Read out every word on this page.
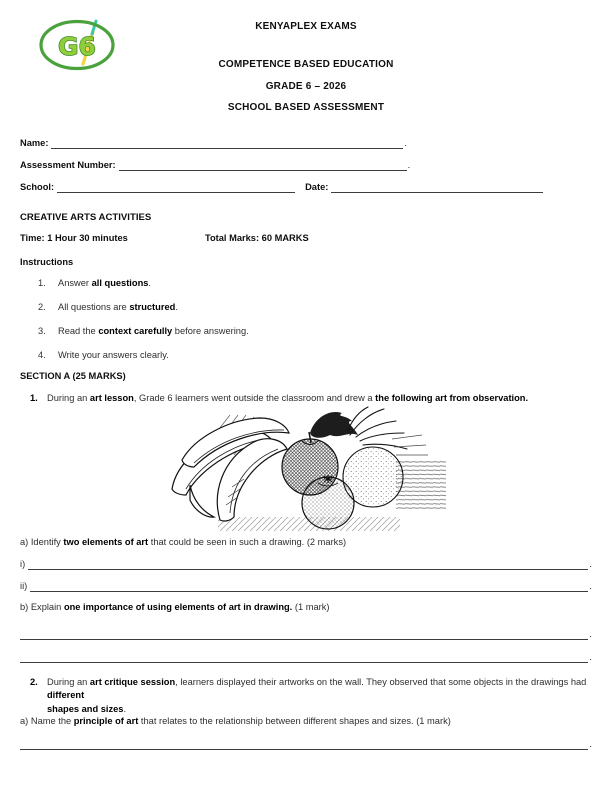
G6
KENYAPLEX EXAMS
COMPETENCE BASED EDUCATION
GRADE 6 – 2026
SCHOOL BASED ASSESSMENT
Name:	.
Assessment Number:	.
School:	Date:
CREATIVE ARTS ACTIVITIES
Time: 1 Hour 30 minutes	Total Marks: 60 MARKS
Instructions
1.	Answer all questions.
2.	All questions are structured.
3.	Read the context carefully before answering.
4.	Write your answers clearly.
SECTION A (25 MARKS)
1. During an art lesson, Grade 6 learners went outside the classroom and drew a the following art from observation.
a) Identify two elements of art that could be seen in such a drawing. (2 marks)
i)	.
ii)	.
b) Explain one importance of using elements of art in drawing. (1 mark)
.
.
2. During an art critique session, learners displayed their artworks on the wall. They observed that some objects in the drawings had different
shapes and sizes.
a) Name the principle of art that relates to the relationship between different shapes and sizes. (1 mark)
.
